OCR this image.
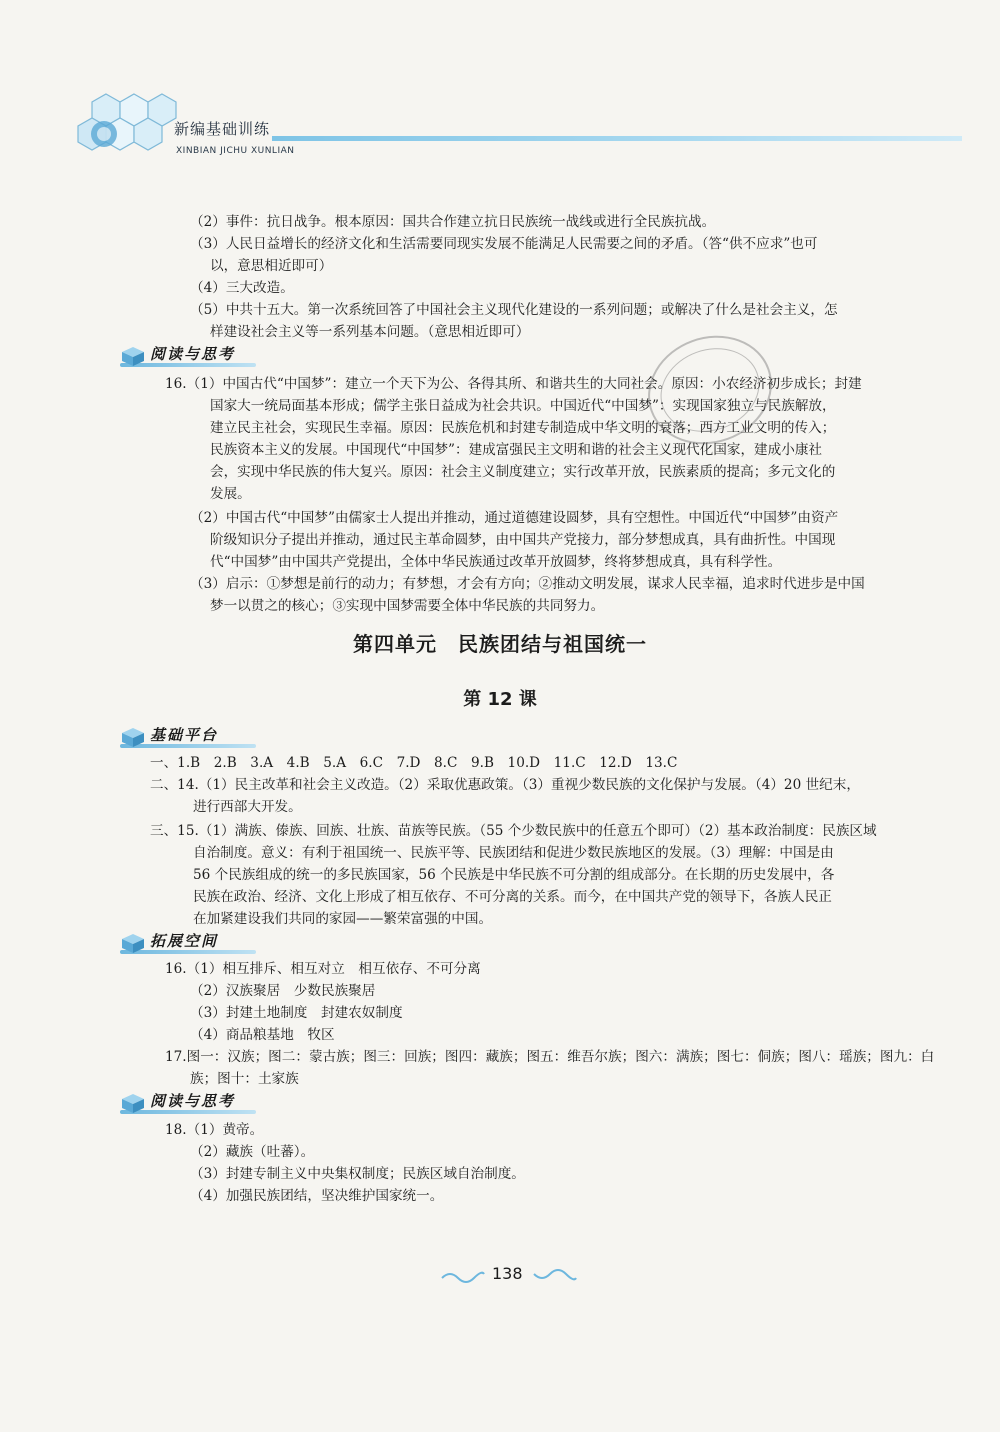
新编基础训练
XINBIAN JICHU XUNLIAN
（2）事件：抗日战争。根本原因：国共合作建立抗日民族统一战线或进行全民族抗战。
（3）人民日益增长的经济文化和生活需要同现实发展不能满足人民需要之间的矛盾。（答“供不应求”也可
以，意思相近即可）
（4）三大改造。
（5）中共十五大。第一次系统回答了中国社会主义现代化建设的一系列问题；或解决了什么是社会主义，怎
样建设社会主义等一系列基本问题。（意思相近即可）
阅读与思考
16.（1）中国古代“中国梦”：建立一个天下为公、各得其所、和谐共生的大同社会。原因：小农经济初步成长；封建
国家大一统局面基本形成；儒学主张日益成为社会共识。中国近代“中国梦”：实现国家独立与民族解放，
建立民主社会，实现民生幸福。原因：民族危机和封建专制造成中华文明的衰落；西方工业文明的传入；
民族资本主义的发展。中国现代“中国梦”：建成富强民主文明和谐的社会主义现代化国家，建成小康社
会，实现中华民族的伟大复兴。原因：社会主义制度建立；实行改革开放，民族素质的提高；多元文化的
发展。
（2）中国古代“中国梦”由儒家士人提出并推动，通过道德建设圆梦，具有空想性。中国近代“中国梦”由资产
阶级知识分子提出并推动，通过民主革命圆梦，由中国共产党接力，部分梦想成真，具有曲折性。中国现
代“中国梦”由中国共产党提出，全体中华民族通过改革开放圆梦，终将梦想成真，具有科学性。
（3）启示：①梦想是前行的动力；有梦想，才会有方向；②推动文明发展，谋求人民幸福，追求时代进步是中国
梦一以贯之的核心；③实现中国梦需要全体中华民族的共同努力。
第四单元　民族团结与祖国统一
第 12 课
基础平台
一、1.B　2.B　3.A　4.B　5.A　6.C　7.D　8.C　9.B　10.D　11.C　12.D　13.C
二、14.（1）民主改革和社会主义改造。（2）采取优惠政策。（3）重视少数民族的文化保护与发展。（4）20 世纪末，
进行西部大开发。
三、15.（1）满族、傣族、回族、壮族、苗族等民族。（55 个少数民族中的任意五个即可）（2）基本政治制度：民族区域
自治制度。意义：有利于祖国统一、民族平等、民族团结和促进少数民族地区的发展。（3）理解：中国是由
56 个民族组成的统一的多民族国家，56 个民族是中华民族不可分割的组成部分。在长期的历史发展中，各
民族在政治、经济、文化上形成了相互依存、不可分离的关系。而今，在中国共产党的领导下，各族人民正
在加紧建设我们共同的家园——繁荣富强的中国。
拓展空间
16.（1）相互排斥、相互对立　相互依存、不可分离
（2）汉族聚居　少数民族聚居
（3）封建土地制度　封建农奴制度
（4）商品粮基地　牧区
17.图一：汉族；图二：蒙古族；图三：回族；图四：藏族；图五：维吾尔族；图六：满族；图七：侗族；图八：瑶族；图九：白
族；图十：土家族
阅读与思考
18.（1）黄帝。
（2）藏族（吐蕃）。
（3）封建专制主义中央集权制度；民族区域自治制度。
（4）加强民族团结，坚决维护国家统一。
138
